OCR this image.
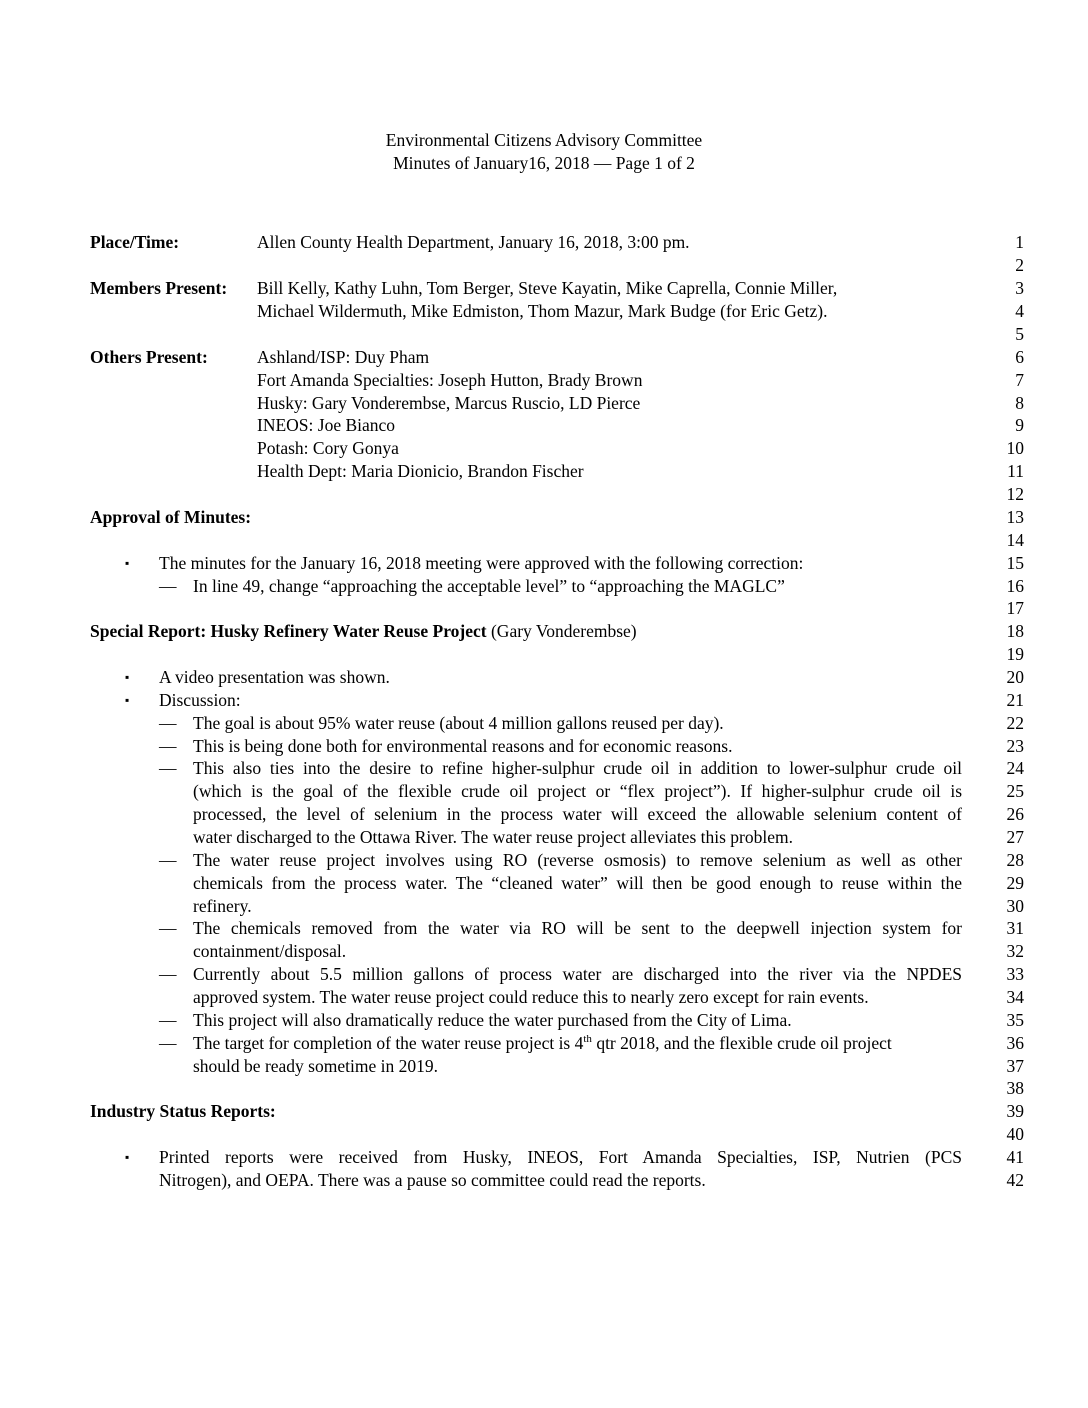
Environmental Citizens Advisory Committee
Minutes of January16, 2018 — Page 1 of 2
Place/Time:	Allen County Health Department, January 16, 2018, 3:00 pm.	1
2
Members Present: Bill Kelly, Kathy Luhn, Tom Berger, Steve Kayatin, Mike Caprella, Connie Miller,	3
Michael Wildermuth, Mike Edmiston, Thom Mazur, Mark Budge (for Eric Getz).	4
5
Others Present:	Ashland/ISP: Duy Pham	6
Fort Amanda Specialties: Joseph Hutton, Brady Brown	7
Husky: Gary Vonderembse, Marcus Ruscio, LD Pierce	8
INEOS: Joe Bianco	9
Potash: Cory Gonya	10
Health Dept: Maria Dionicio, Brandon Fischer	11
12
Approval of Minutes:	13
14
▪ The minutes for the January 16, 2018 meeting were approved with the following correction:	15
— In line 49, change “approaching the acceptable level” to “approaching the MAGLC”	16
17
Special Report: Husky Refinery Water Reuse Project (Gary Vonderembse)	18
19
▪ A video presentation was shown.	20
▪ Discussion:	21
— The goal is about 95% water reuse (about 4 million gallons reused per day).	22
— This is being done both for environmental reasons and for economic reasons.	23
— This also ties into the desire to refine higher-sulphur crude oil in addition to lower-sulphur crude oil	24
(which is the goal of the flexible crude oil project or “flex project”). If higher-sulphur crude oil is	25
processed, the level of selenium in the process water will exceed the allowable selenium content of	26
water discharged to the Ottawa River. The water reuse project alleviates this problem.	27
— The water reuse project involves using RO (reverse osmosis) to remove selenium as well as other	28
chemicals from the process water. The “cleaned water” will then be good enough to reuse within the	29
refinery.	30
— The chemicals removed from the water via RO will be sent to the deepwell injection system for	31
containment/disposal.	32
— Currently about 5.5 million gallons of process water are discharged into the river via the NPDES	33
approved system. The water reuse project could reduce this to nearly zero except for rain events.	34
— This project will also dramatically reduce the water purchased from the City of Lima.	35
— The target for completion of the water reuse project is 4th qtr 2018, and the flexible crude oil project	36
should be ready sometime in 2019.	37
38
Industry Status Reports:	39
40
▪ Printed reports were received from Husky, INEOS, Fort Amanda Specialties, ISP, Nutrien (PCS	41
Nitrogen), and OEPA. There was a pause so committee could read the reports.	42
